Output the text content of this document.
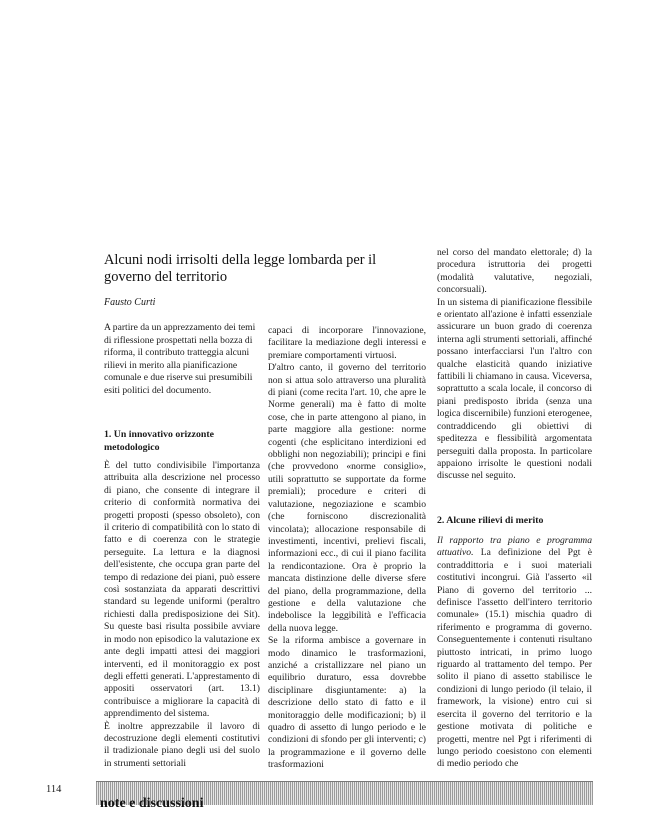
Alcuni nodi irrisolti della legge lombarda per il governo del territorio

Fausto Curti

A partire da un apprezzamento dei temi di riflessione prospettati nella bozza di riforma, il contributo tratteggia alcuni rilievi in merito alla pianificazione comunale e due riserve sui presumibili esiti politici del documento.

1. Un innovativo orizzonte metodologico

È del tutto condivisibile l'importanza attribuita alla descrizione nel processo di piano, che consente di integrare il criterio di conformità normativa dei progetti proposti (spesso obsoleto), con il criterio di compatibilità con lo stato di fatto e di coerenza con le strategie perseguite. La lettura e la diagnosi dell'esistente, che occupa gran parte del tempo di redazione dei piani, può essere così sostanziata da apparati descrittivi standard su legende uniformi (peraltro richiesti dalla predisposizione dei Sit). Su queste basi risulta possibile avviare in modo non episodico la valutazione ex ante degli impatti attesi dei maggiori interventi, ed il monitoraggio ex post degli effetti generati. L'apprestamento di appositi osservatori (art. 13.1) contribuisce a migliorare la capacità di apprendimento del sistema.

È inoltre apprezzabile il lavoro di decostruzione degli elementi costitutivi il tradizionale piano degli usi del suolo in strumenti settoriali

capaci di incorporare l'innovazione, facilitare la mediazione degli interessi e premiare comportamenti virtuosi.

D'altro canto, il governo del territorio non si attua solo attraverso una pluralità di piani (come recita l'art. 10, che apre le Norme generali) ma è fatto di molte cose, che in parte attengono al piano, in parte maggiore alla gestione: norme cogenti (che esplicitano interdizioni ed obblighi non negoziabili); principi e fini (che provvedono «norme consiglio», utili soprattutto se supportate da forme premiali); procedure e criteri di valutazione, negoziazione e scambio (che forniscono discrezionalità vincolata); allocazione responsabile di investimenti, incentivi, prelievi fiscali, informazioni ecc., di cui il piano facilita la rendicontazione. Ora è proprio la mancata distinzione delle diverse sfere del piano, della programmazione, della gestione e della valutazione che indebolisce la leggibilità e l'efficacia della nuova legge.

Se la riforma ambisce a governare in modo dinamico le trasformazioni, anziché a cristallizzare nel piano un equilibrio duraturo, essa dovrebbe disciplinare disgiuntamente: a) la descrizione dello stato di fatto e il monitoraggio delle modificazioni; b) il quadro di assetto di lungo periodo e le condizioni di sfondo per gli interventi; c) la programmazione e il governo delle trasformazioni

nel corso del mandato elettorale; d) la procedura istruttoria dei progetti (modalità valutative, negoziali, concorsuali).

In un sistema di pianificazione flessibile e orientato all'azione è infatti essenziale assicurare un buon grado di coerenza interna agli strumenti settoriali, affinché possano interfacciarsi l'un l'altro con qualche elasticità quando iniziative fattibili li chiamano in causa. Viceversa, soprattutto a scala locale, il concorso di piani predisposto ibrida (senza una logica discernibile) funzioni eterogenee, contraddicendo gli obiettivi di speditezza e flessibilità argomentata perseguiti dalla proposta. In particolare appaiono irrisolte le questioni nodali discusse nel seguito.

2. Alcune rilievi di merito

Il rapporto tra piano e programma attuativo. La definizione del Pgt è contraddittoria e i suoi materiali costitutivi incongrui. Già l'asserto «il Piano di governo del territorio ... definisce l'assetto dell'intero territorio comunale» (15.1) mischia quadro di riferimento e programma di governo. Conseguentemente i contenuti risultano piuttosto intricati, in primo luogo riguardo al trattamento del tempo. Per solito il piano di assetto stabilisce le condizioni di lungo periodo (il telaio, il framework, la visione) entro cui si esercita il governo del territorio e la gestione motivata di politiche e progetti, mentre nel Pgt i riferimenti di lungo periodo coesistono con elementi di medio periodo che

114
note e discussioni
